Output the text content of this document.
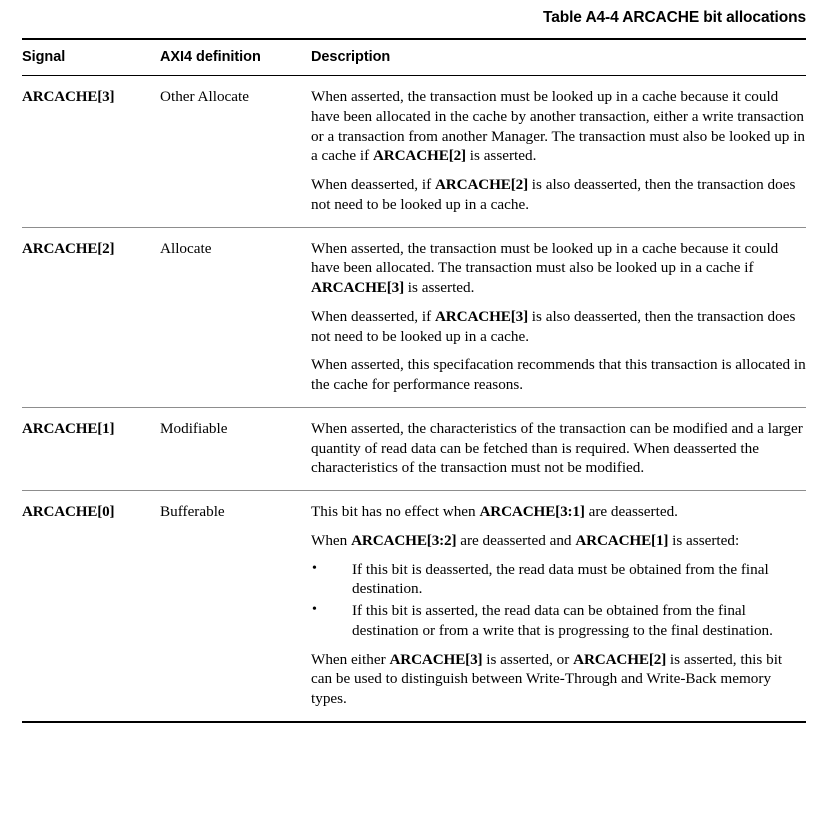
Table A4-4 ARCACHE bit allocations
Signal	AXI4 definition	Description
ARCACHE[3]	Other Allocate	When asserted, the transaction must be looked up in a cache because it could have been allocated in the cache by another transaction, either a write transaction or a transaction from another Manager. The transaction must also be looked up in a cache if ARCACHE[2] is asserted.

When deasserted, if ARCACHE[2] is also deasserted, then the transaction does not need to be looked up in a cache.

ARCACHE[2]	Allocate	When asserted, the transaction must be looked up in a cache because it could have been allocated. The transaction must also be looked up in a cache if ARCACHE[3] is asserted.

When deasserted, if ARCACHE[3] is also deasserted, then the transaction does not need to be looked up in a cache.

When asserted, this specifacation recommends that this transaction is allocated in the cache for performance reasons.

ARCACHE[1]	Modifiable	When asserted, the characteristics of the transaction can be modified and a larger quantity of read data can be fetched than is required. When deasserted the characteristics of the transaction must not be modified.

ARCACHE[0]	Bufferable	This bit has no effect when ARCACHE[3:1] are deasserted.

When ARCACHE[3:2] are deasserted and ARCACHE[1] is asserted:

• If this bit is deasserted, the read data must be obtained from the final destination.
• If this bit is asserted, the read data can be obtained from the final destination or from a write that is progressing to the final destination.

When either ARCACHE[3] is asserted, or ARCACHE[2] is asserted, this bit can be used to distinguish between Write-Through and Write-Back memory types.
